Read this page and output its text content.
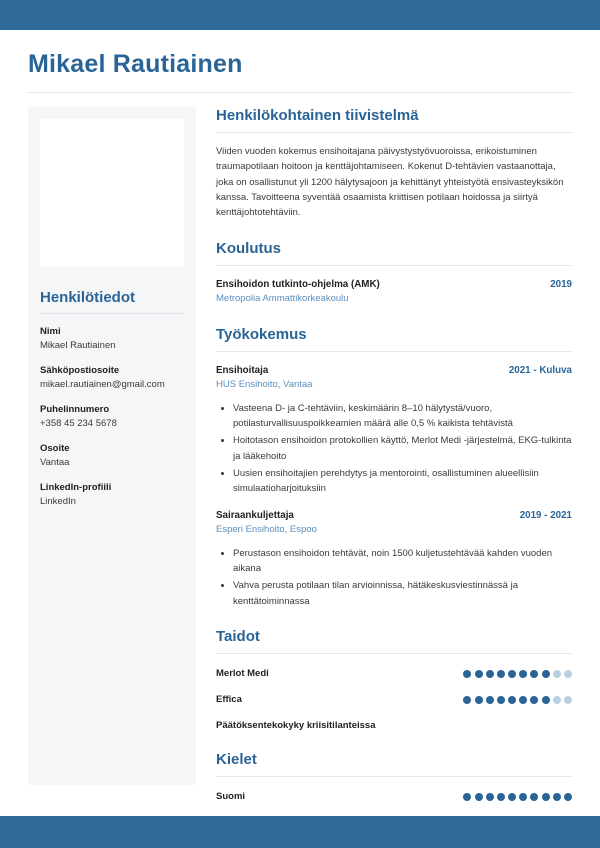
Mikael Rautiainen
Henkilötiedot
Nimi
Mikael Rautiainen
Sähköpostiosoite
mikael.rautiainen@gmail.com
Puhelinnumero
+358 45 234 5678
Osoite
Vantaa
LinkedIn-profiili
LinkedIn
Henkilökohtainen tiivistelmä

Viiden vuoden kokemus ensihoitajana päivystystyövuoroissa, erikoistuminen traumapotilaan hoitoon ja kenttäjohtamiseen. Kokenut D-tehtävien vastaanottaja, joka on osallistunut yli 1200 hälytysajoon ja kehittänyt yhteistyötä ensivasteyksikön kanssa. Tavoitteena syventää osaamista kriittisen potilaan hoidossa ja siirtyä kenttäjohtotehtäviin.

Koulutus
Ensihoidon tutkinto-ohjelma (AMK)	2019
Metropolia Ammattikorkeakoulu
Työkokemus
Ensihoitaja	2021 - Kuluva
HUS Ensihoito, Vantaa
• Vasteena D- ja C-tehtäviin, keskimäärin 8–10 hälytystä/vuoro, potilasturvallisuuspoikkeamien määrä alle 0,5 % kaikista tehtävistä
• Hoitotason ensihoidon protokollien käyttö, Merlot Medi -järjestelmä, EKG-tulkinta ja lääkehoito
• Uusien ensihoitajien perehdytys ja mentorointi, osallistuminen alueellisiin simulaatioharjoituksiin
Sairaankuljettaja	2019 - 2021
Esperi Ensihoito, Espoo
• Perustason ensihoidon tehtävät, noin 1500 kuljetustehtävää kahden vuoden aikana
• Vahva perusta potilaan tilan arvioinnissa, hätäkeskusviestinnässä ja kenttätoiminnassa
Taidot
Merlot Medi
Effica
Päätöksentekokyky kriisitilanteissa
Kielet
Suomi
